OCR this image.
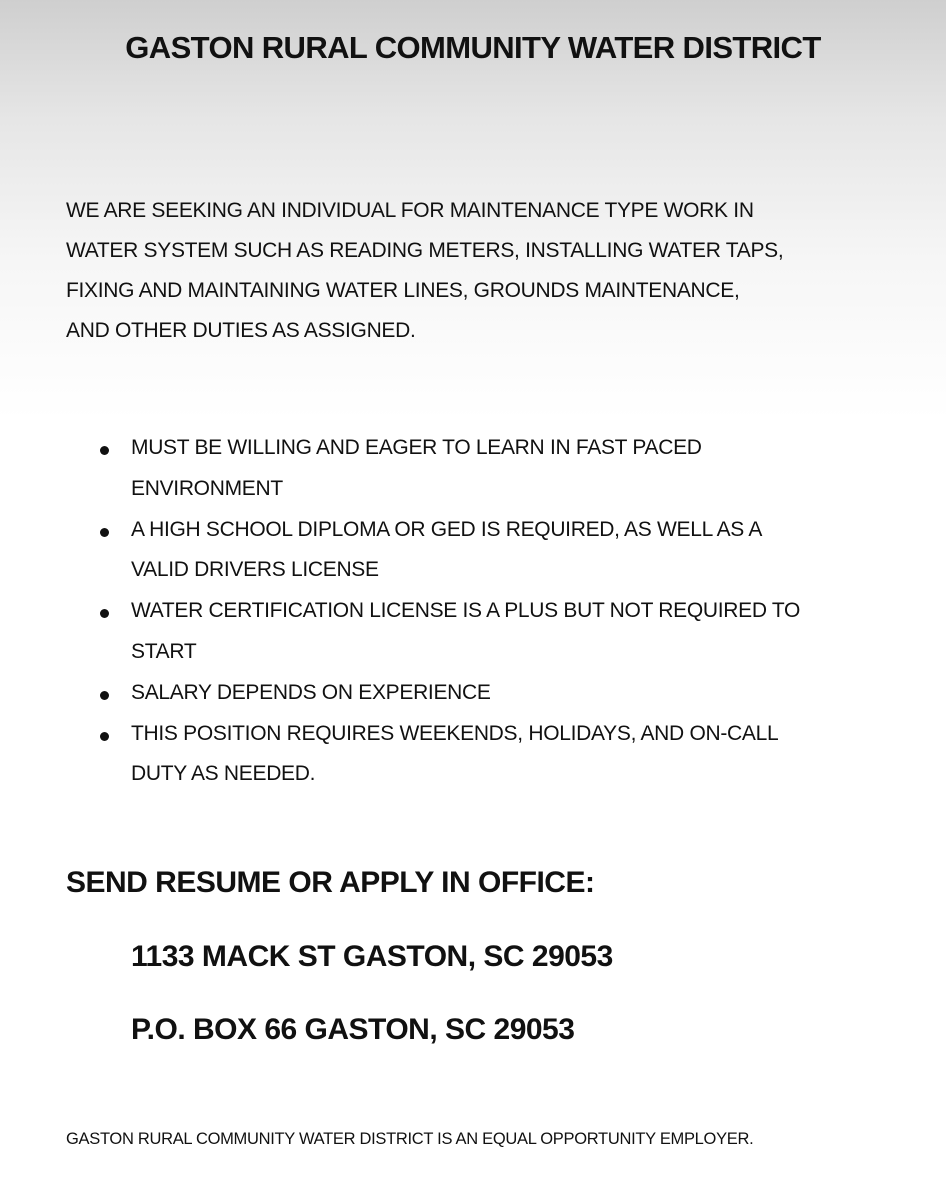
GASTON RURAL COMMUNITY WATER DISTRICT
WE ARE SEEKING AN INDIVIDUAL FOR MAINTENANCE TYPE WORK IN
WATER SYSTEM SUCH AS READING METERS, INSTALLING WATER TAPS,
FIXING AND MAINTAINING WATER LINES, GROUNDS MAINTENANCE,
AND OTHER DUTIES AS ASSIGNED.
MUST BE WILLING AND EAGER TO LEARN IN FAST PACED
ENVIRONMENT
A HIGH SCHOOL DIPLOMA OR GED IS REQUIRED, AS WELL AS A
VALID DRIVERS LICENSE
WATER CERTIFICATION LICENSE IS A PLUS BUT NOT REQUIRED TO
START
SALARY DEPENDS ON EXPERIENCE
THIS POSITION REQUIRES WEEKENDS, HOLIDAYS, AND ON-CALL
DUTY AS NEEDED.
SEND RESUME OR APPLY IN OFFICE:
1133 MACK ST GASTON, SC 29053
P.O. BOX 66 GASTON, SC 29053
GASTON RURAL COMMUNITY WATER DISTRICT IS AN EQUAL OPPORTUNITY EMPLOYER.
